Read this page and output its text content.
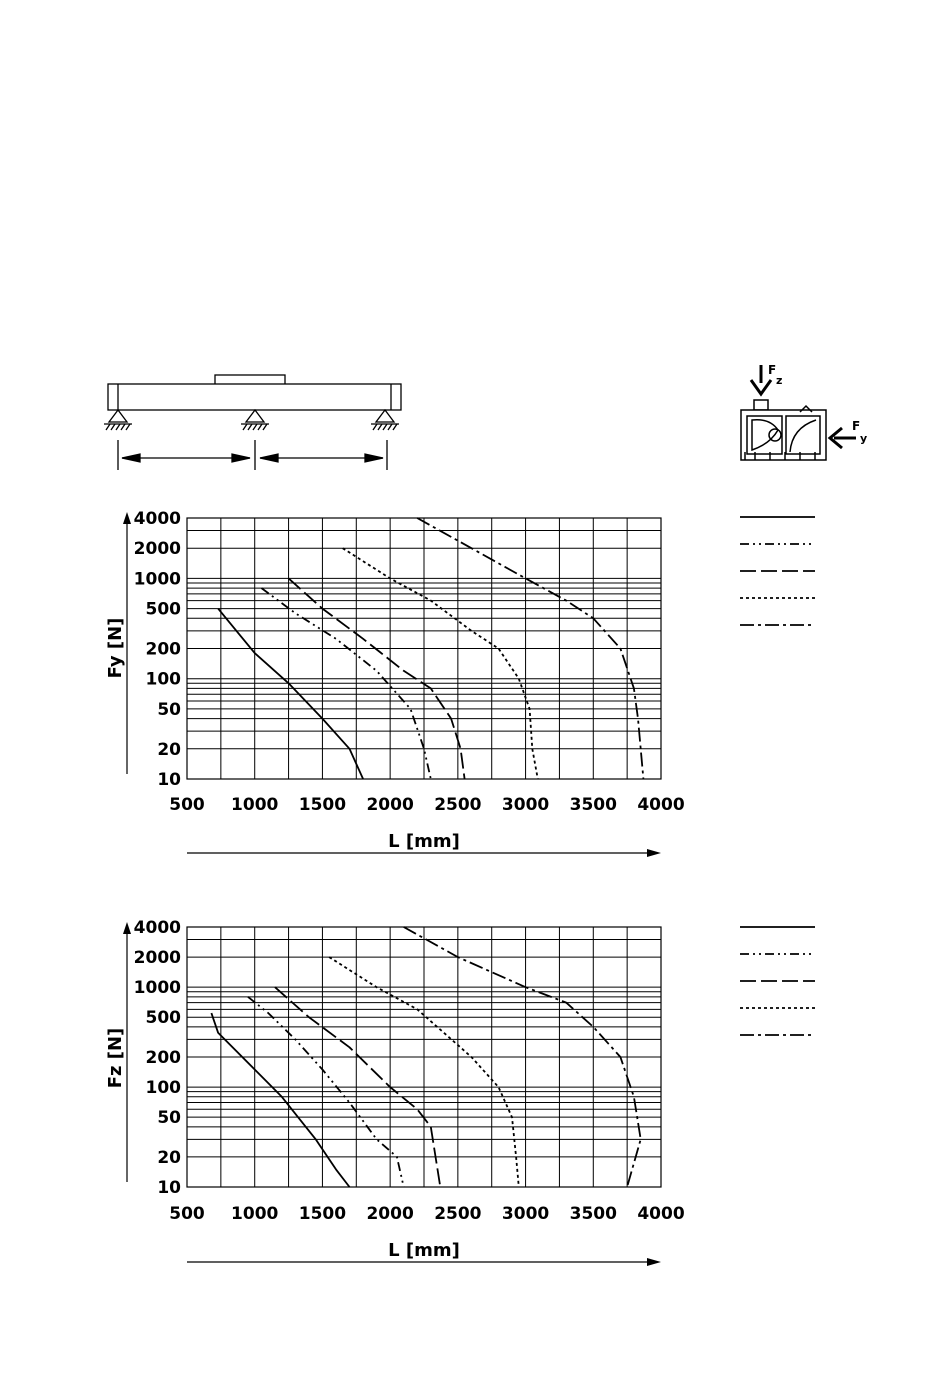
F
z
F
y
4000
2000
1000
500
200
100
50
20
10
500 1000 1500 2000 2500 3000 3500 4000
L [mm]
Fy [N]
4000
2000
1000
500
200
100
50
20
10
500 1000 1500 2000 2500 3000 3500 4000
L [mm]
Fz [N]
